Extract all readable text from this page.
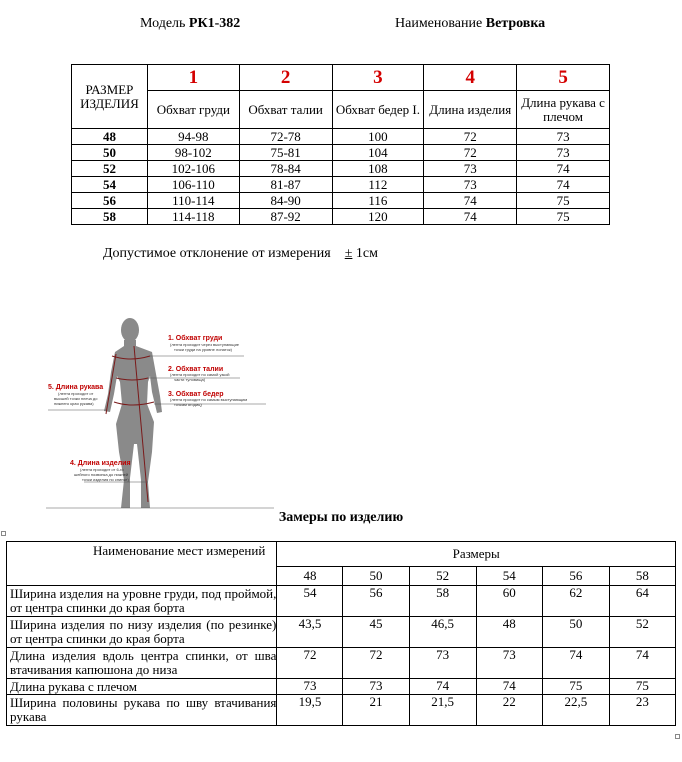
Модель РК1-382	Наименование Ветровка
РАЗМЕР ИЗДЕЛИЯ	1	2	3	4	5
	Обхват груди	Обхват талии	Обхват бедер I.	Длина изделия	Длина рукава с плечом
48	94-98	72-78	100	72	73
50	98-102	75-81	104	72	73
52	102-106	78-84	108	73	74
54	106-110	81-87	112	73	74
56	110-114	84-90	116	74	75
58	114-118	87-92	120	74	75
Допустимое отклонение от измерения ± 1см
1. Обхват груди
2. Обхват талии
3. Обхват бедер
5. Длина рукава
4. Длина изделия
(лента проходит через выступающие
точки груди на уровне лопаток)
(лента проходит по самой узкой
части туловища)
(лента проходит по самым выступающим
точкам ягодиц)
(лента проходит от
высшей точки плеча до
нижнего края рукава)
(лента проходит от 6-го
шейного позвонка до нижней
точки изделия по спинке)
Замеры по изделию
Наименование мест измерений	Размеры					
	48	50	52	54	56	58
Ширина изделия на уровне груди, под проймой, от центра спинки до края борта	54	56	58	60	62	64
Ширина изделия по низу изделия (по резинке) от центра спинки до края борта	43,5	45	46,5	48	50	52
Длина изделия вдоль центра спинки, от шва втачивания капюшона до низа	72	72	73	73	74	74
Длина рукава с плечом	73	73	74	74	75	75
Ширина половины рукава по шву втачивания рукава	19,5	21	21,5	22	22,5	23
